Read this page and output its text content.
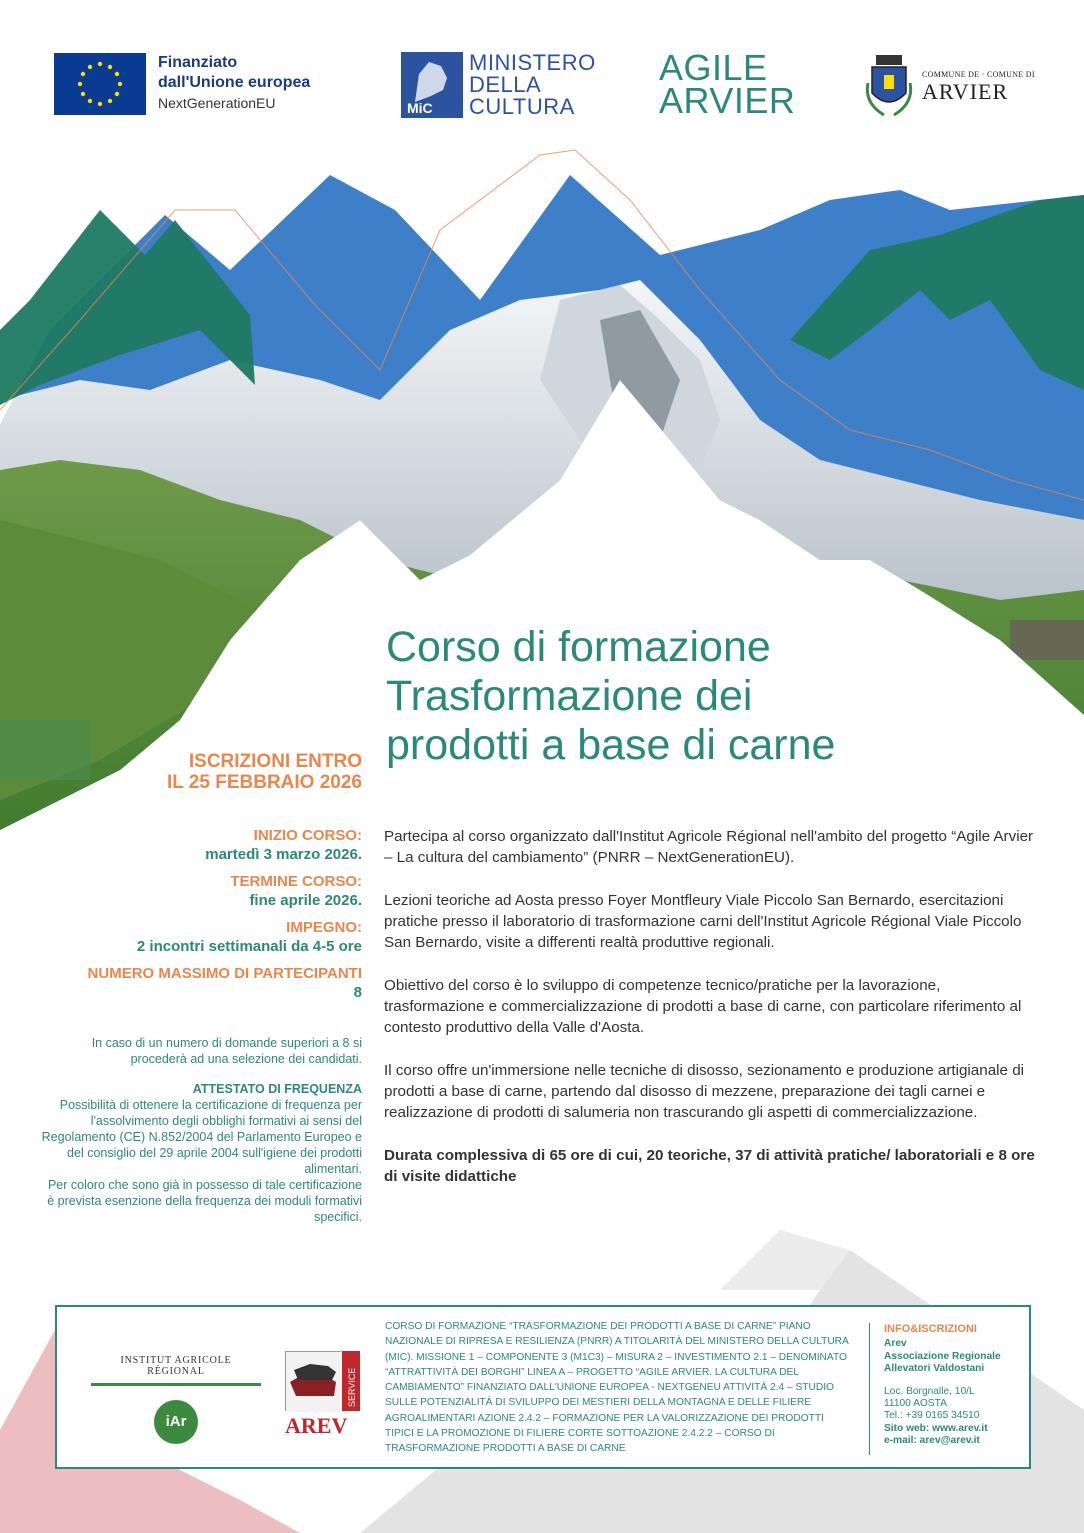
Finanziato
dall'Unione europea
NextGenerationEU	MiC
MINISTERO
DELLA
CULTURA
AGILE
ARVIER
COMMUNE DE · COMUNE DI
ARVIER
Corso di formazione
Trasformazione dei
prodotti a base di carne
ISCRIZIONI ENTRO
IL 25 FEBBRAIO 2026
INIZIO CORSO:
martedì 3 marzo 2026.
TERMINE CORSO:
fine aprile 2026.
IMPEGNO:
2 incontri settimanali da 4-5 ore
NUMERO MASSIMO DI PARTECIPANTI
8
In caso di un numero di domande superiori a 8 si procederà ad una selezione dei candidati.
ATTESTATO DI FREQUENZA
Possibilità di ottenere la certificazione di frequenza per l'assolvimento degli obblighi formativi ai sensi del Regolamento (CE) N.852/2004 del Parlamento Europeo e del consiglio del 29 aprile 2004 sull'igiene dei prodotti alimentari.
Per coloro che sono già in possesso di tale certificazione è prevista esenzione della frequenza dei moduli formativi specifici.

Partecipa al corso organizzato dall'Institut Agricole Régional nell'ambito del progetto “Agile Arvier – La cultura del cambiamento” (PNRR – NextGenerationEU).

Lezioni teoriche ad Aosta presso Foyer Montfleury Viale Piccolo San Bernardo, esercitazioni pratiche presso il laboratorio di trasformazione carni dell'Institut Agricole Régional Viale Piccolo San Bernardo, visite a differenti realtà produttive regionali.

Obiettivo del corso è lo sviluppo di competenze tecnico/pratiche per la lavorazione, trasformazione e commercializzazione di prodotti a base di carne, con particolare riferimento al contesto produttivo della Valle d'Aosta.

Il corso offre un'immersione nelle tecniche di disosso, sezionamento e produzione artigianale di prodotti a base di carne, partendo dal disosso di mezzene, preparazione dei tagli carnei e realizzazione di prodotti di salumeria non trascurando gli aspetti di commercializzazione.

Durata complessiva di 65 ore di cui, 20 teoriche, 37 di attività pratiche/ laboratoriali e 8 ore di visite didattiche

INSTITUT AGRICOLE RÉGIONAL
iAr
SERVICE
AREV
CORSO DI FORMAZIONE “TRASFORMAZIONE DEI PRODOTTI A BASE DI CARNE” PIANO NAZIONALE DI RIPRESA E RESILIENZA (PNRR) A TITOLARITÀ DEL MINISTERO DELLA CULTURA (MIC). MISSIONE 1 – COMPONENTE 3 (M1C3) – MISURA 2 – INVESTIMENTO 2.1 – DENOMINATO “ATTRATTIVITÀ DEI BORGHI” LINEA A – PROGETTO “AGILE ARVIER. LA CULTURA DEL CAMBIAMENTO” FINANZIATO DALL'UNIONE EUROPEA - NEXTGENEU ATTIVITÀ 2.4 – STUDIO SULLE POTENZIALITÀ DI SVILUPPO DEI MESTIERI DELLA MONTAGNA E DELLE FILIERE AGROALIMENTARI AZIONE 2.4.2 – FORMAZIONE PER LA VALORIZZAZIONE DEI PRODOTTI TIPICI E LA PROMOZIONE DI FILIERE CORTE SOTTOAZIONE 2.4.2.2 – CORSO DI TRASFORMAZIONE PRODOTTI A BASE DI CARNE
INFO&ISCRIZIONI
Arev
Associazione Regionale
Allevatori Valdostani
Loc. Borgnalle, 10/L
11100 AOSTA
Tel.: +39 0165 34510
Sito web: www.arev.it
e-mail: arev@arev.it
